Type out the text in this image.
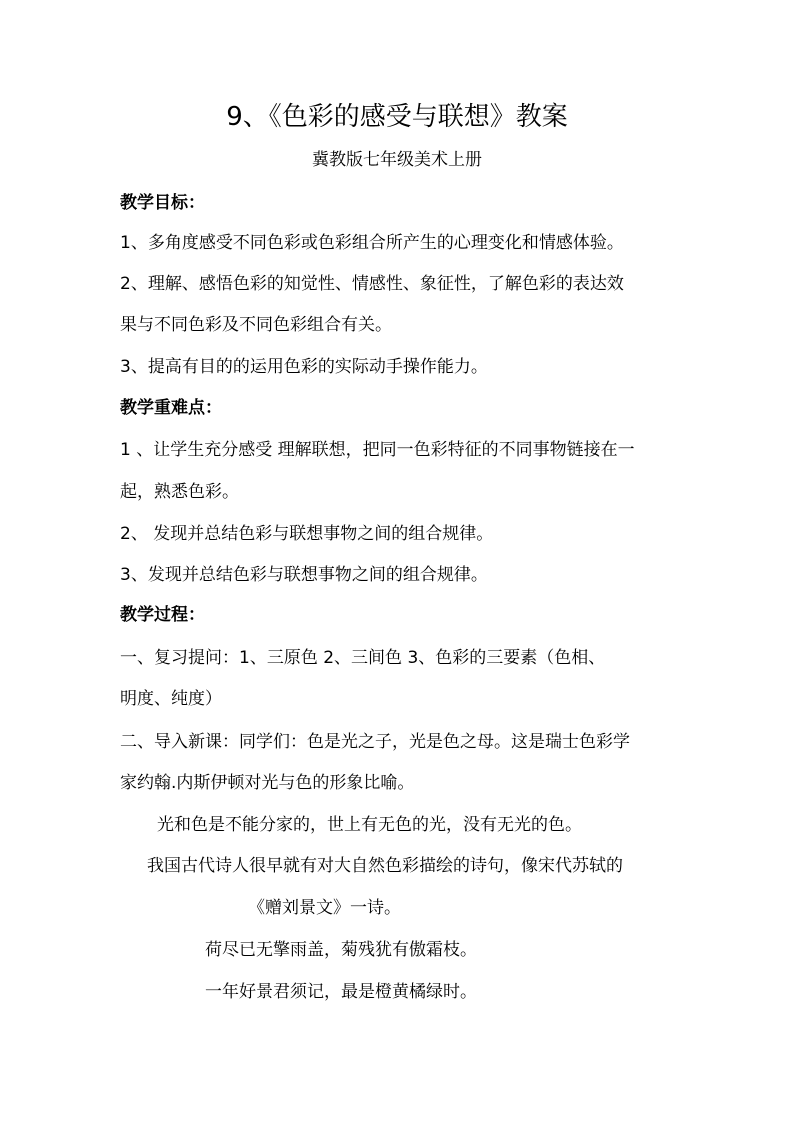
9、《色彩的感受与联想》教案
冀教版七年级美术上册
教学目标：
1、多角度感受不同色彩或色彩组合所产生的心理变化和情感体验。
2、理解、感悟色彩的知觉性、情感性、象征性，了解色彩的表达效
果与不同色彩及不同色彩组合有关。
3、提高有目的的运用色彩的实际动手操作能力。
教学重难点：
1 、让学生充分感受 理解联想，把同一色彩特征的不同事物链接在一
起，熟悉色彩。
2、 发现并总结色彩与联想事物之间的组合规律。
3、发现并总结色彩与联想事物之间的组合规律。
教学过程：
一、复习提问：1、三原色 2、三间色 3、色彩的三要素（色相、
明度、纯度）
二、导入新课：同学们：色是光之子，光是色之母。这是瑞士色彩学
家约翰.内斯伊顿对光与色的形象比喻。
光和色是不能分家的，世上有无色的光，没有无光的色。
我国古代诗人很早就有对大自然色彩描绘的诗句，像宋代苏轼的
《赠刘景文》一诗。
荷尽已无擎雨盖，菊残犹有傲霜枝。
一年好景君须记，最是橙黄橘绿时。
